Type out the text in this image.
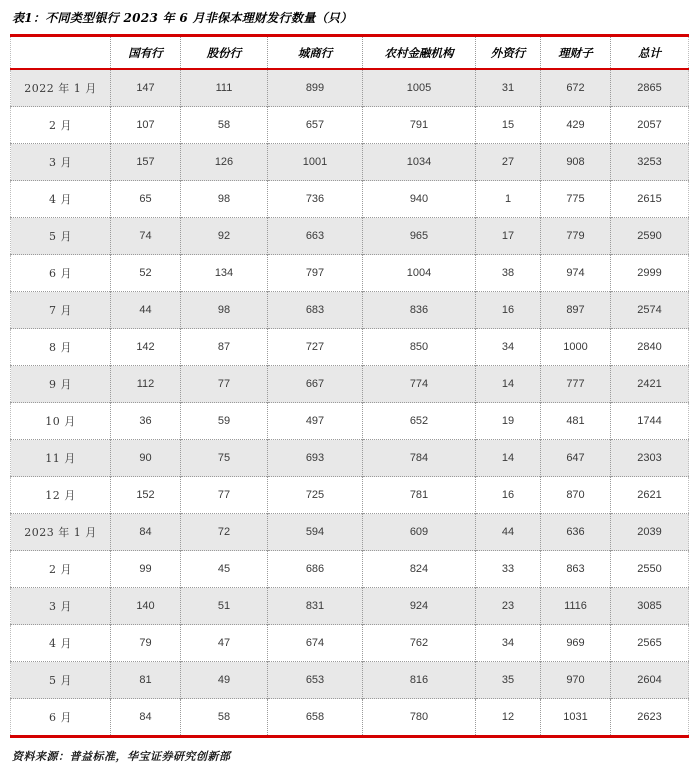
表1：不同类型银行 2023 年 6 月非保本理财发行数量（只）
	国有行	股份行	城商行	农村金融机构	外资行	理财子	总计
2022 年 1 月	147	111	899	1005	31	672	2865
2 月	107	58	657	791	15	429	2057
3 月	157	126	1001	1034	27	908	3253
4 月	65	98	736	940	1	775	2615
5 月	74	92	663	965	17	779	2590
6 月	52	134	797	1004	38	974	2999
7 月	44	98	683	836	16	897	2574
8 月	142	87	727	850	34	1000	2840
9 月	112	77	667	774	14	777	2421
10 月	36	59	497	652	19	481	1744
11 月	90	75	693	784	14	647	2303
12 月	152	77	725	781	16	870	2621
2023 年 1 月	84	72	594	609	44	636	2039
2 月	99	45	686	824	33	863	2550
3 月	140	51	831	924	23	1116	3085
4 月	79	47	674	762	34	969	2565
5 月	81	49	653	816	35	970	2604
6 月	84	58	658	780	12	1031	2623
资料来源：普益标准，华宝证券研究创新部
